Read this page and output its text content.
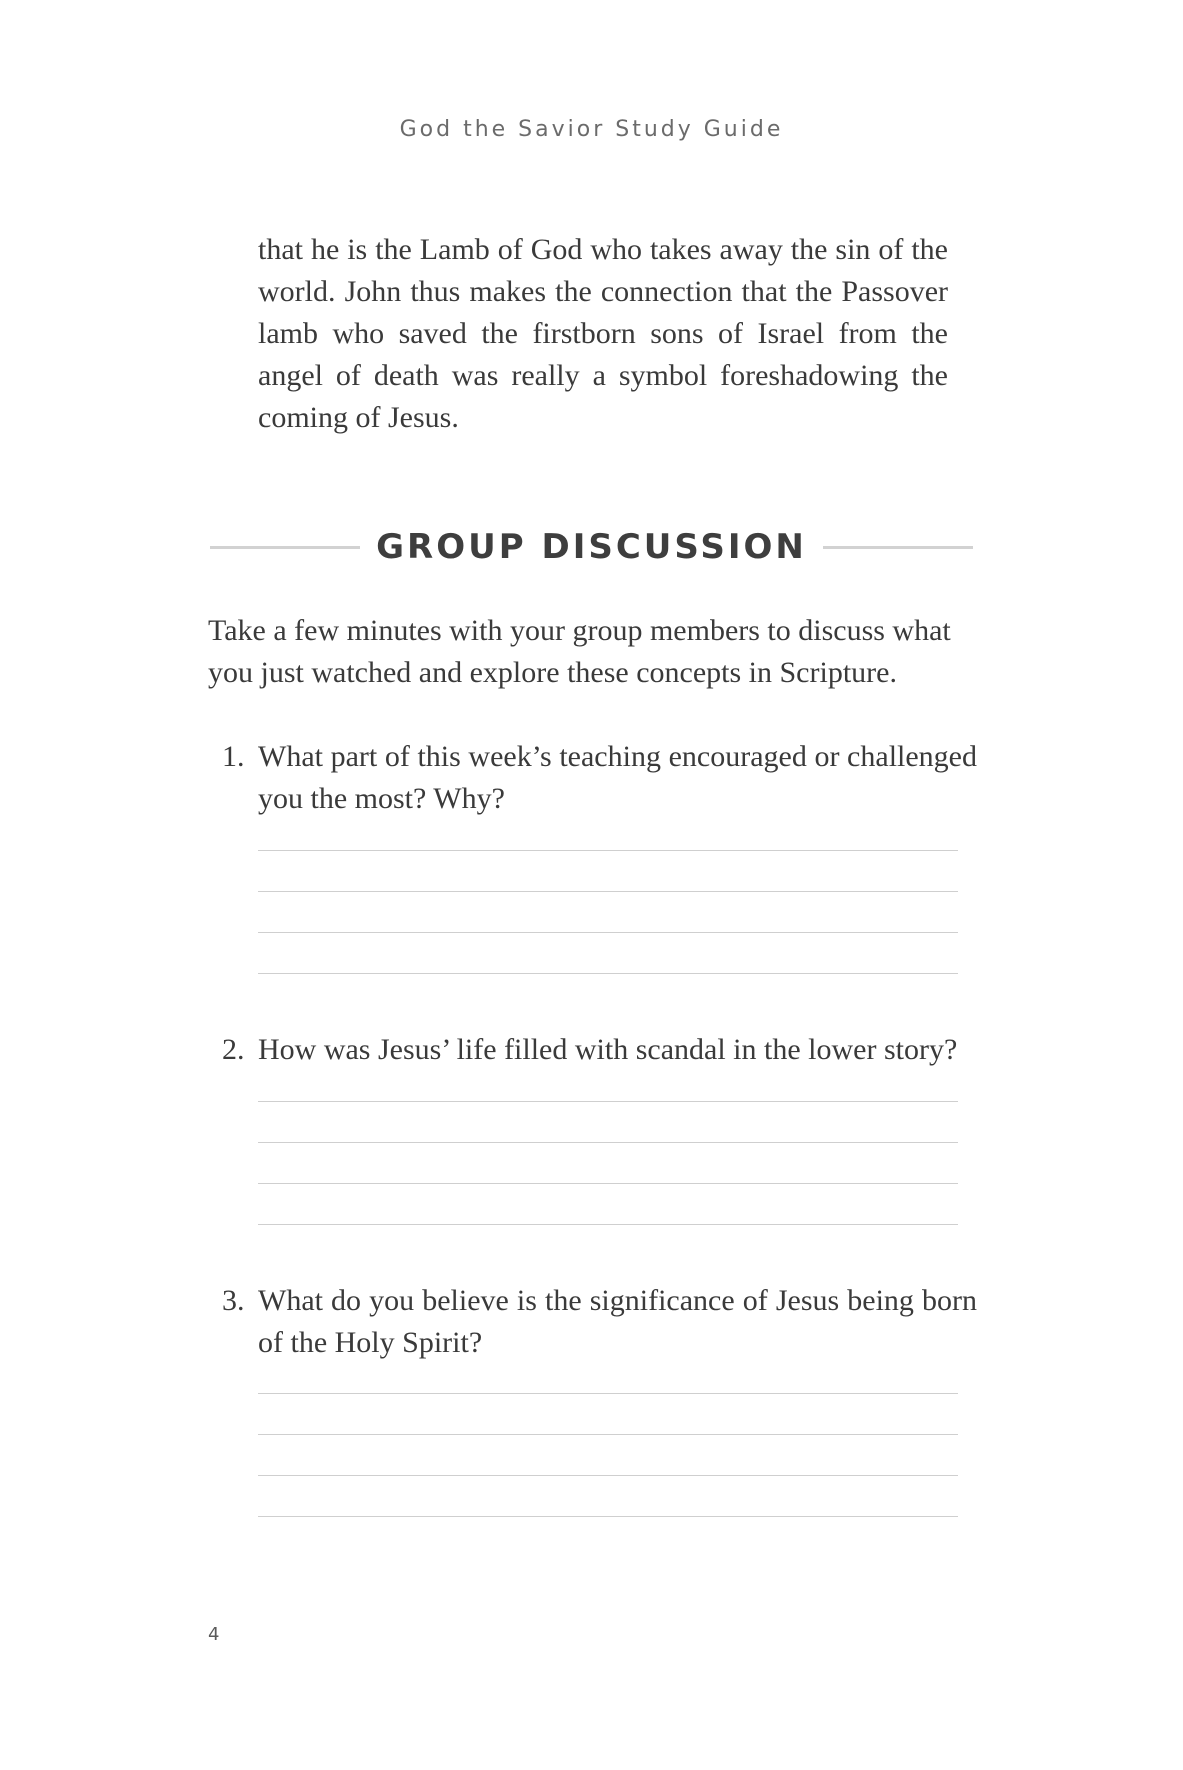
God the Savior Study Guide

that he is the Lamb of God who takes away the sin of the world. John thus makes the connection that the Passover lamb who saved the firstborn sons of Israel from the angel of death was really a symbol foreshadowing the coming of Jesus.

GROUP DISCUSSION

Take a few minutes with your group members to discuss what you just watched and explore these concepts in Scripture.

1. What part of this week’s teaching encouraged or challenged you the most? Why?
2. How was Jesus’ life filled with scandal in the lower story?
3. What do you believe is the significance of Jesus being born of the Holy Spirit?
4
